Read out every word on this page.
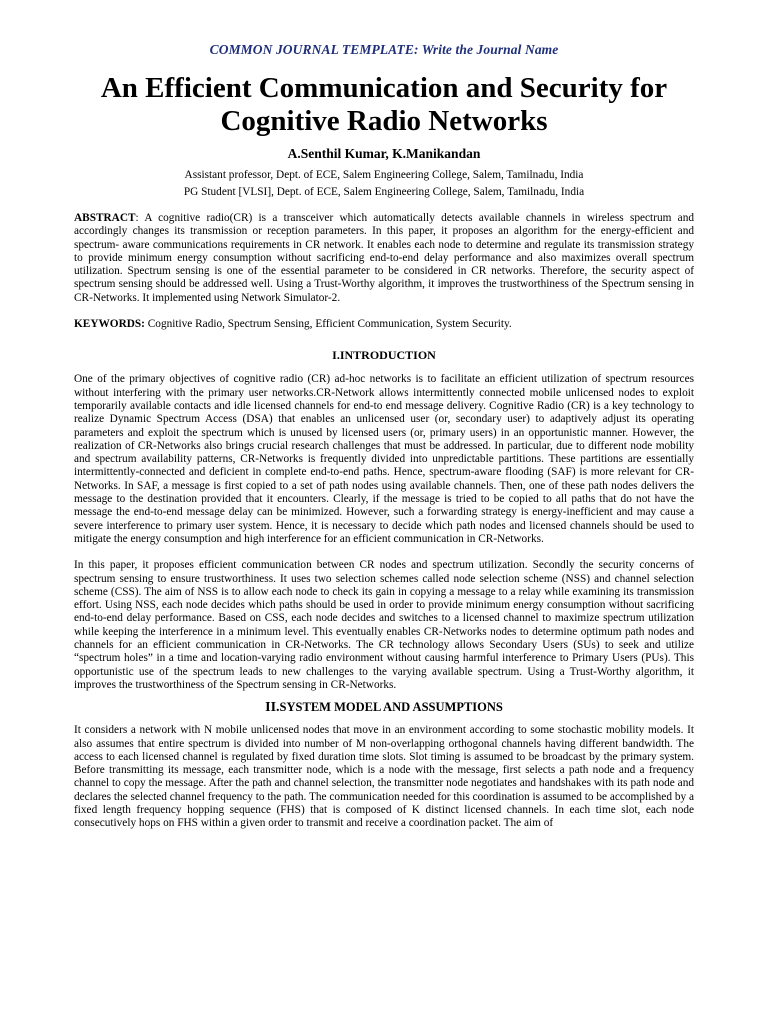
COMMON JOURNAL TEMPLATE: Write the Journal Name
An Efficient Communication and Security for
Cognitive Radio Networks
A.Senthil Kumar, K.Manikandan
Assistant professor, Dept. of ECE, Salem Engineering College, Salem, Tamilnadu, India
PG Student [VLSI], Dept. of ECE, Salem Engineering College, Salem, Tamilnadu, India

ABSTRACT: A cognitive radio(CR) is a transceiver which automatically detects available channels in wireless spectrum and accordingly changes its transmission or reception parameters. In this paper, it proposes an algorithm for the energy-efficient and spectrum- aware communications requirements in CR network. It enables each node to determine and regulate its transmission strategy to provide minimum energy consumption without sacrificing end-to-end delay performance and also maximizes overall spectrum utilization. Spectrum sensing is one of the essential parameter to be considered in CR networks. Therefore, the security aspect of spectrum sensing should be addressed well. Using a Trust-Worthy algorithm, it improves the trustworthiness of the Spectrum sensing in CR-Networks. It implemented using Network Simulator-2.

KEYWORDS: Cognitive Radio, Spectrum Sensing, Efficient Communication, System Security.

I.INTRODUCTION

One of the primary objectives of cognitive radio (CR) ad-hoc networks is to facilitate an efficient utilization of spectrum resources without interfering with the primary user networks.CR-Network allows intermittently connected mobile unlicensed nodes to exploit temporarily available contacts and idle licensed channels for end-to end message delivery. Cognitive Radio (CR) is a key technology to realize Dynamic Spectrum Access (DSA) that enables an unlicensed user (or, secondary user) to adaptively adjust its operating parameters and exploit the spectrum which is unused by licensed users (or, primary users) in an opportunistic manner. However, the realization of CR-Networks also brings crucial research challenges that must be addressed. In particular, due to different node mobility and spectrum availability patterns, CR-Networks is frequently divided into unpredictable partitions. These partitions are essentially intermittently-connected and deficient in complete end-to-end paths. Hence, spectrum-aware flooding (SAF) is more relevant for CR-Networks. In SAF, a message is first copied to a set of path nodes using available channels. Then, one of these path nodes delivers the message to the destination provided that it encounters. Clearly, if the message is tried to be copied to all paths that do not have the message the end-to-end message delay can be minimized. However, such a forwarding strategy is energy-inefficient and may cause a severe interference to primary user system. Hence, it is necessary to decide which path nodes and licensed channels should be used to mitigate the energy consumption and high interference for an efficient communication in CR-Networks.

In this paper, it proposes efficient communication between CR nodes and spectrum utilization. Secondly the security concerns of spectrum sensing to ensure trustworthiness. It uses two selection schemes called node selection scheme (NSS) and channel selection scheme (CSS). The aim of NSS is to allow each node to check its gain in copying a message to a relay while examining its transmission effort. Using NSS, each node decides which paths should be used in order to provide minimum energy consumption without sacrificing end-to-end delay performance. Based on CSS, each node decides and switches to a licensed channel to maximize spectrum utilization while keeping the interference in a minimum level. This eventually enables CR-Networks nodes to determine optimum path nodes and channels for an efficient communication in CR-Networks. The CR technology allows Secondary Users (SUs) to seek and utilize “spectrum holes” in a time and location-varying radio environment without causing harmful interference to Primary Users (PUs). This opportunistic use of the spectrum leads to new challenges to the varying available spectrum. Using a Trust-Worthy algorithm, it improves the trustworthiness of the Spectrum sensing in CR-Networks.

II.SYSTEM MODEL AND ASSUMPTIONS

It considers a network with N mobile unlicensed nodes that move in an environment according to some stochastic mobility models. It also assumes that entire spectrum is divided into number of M non-overlapping orthogonal channels having different bandwidth. The access to each licensed channel is regulated by fixed duration time slots. Slot timing is assumed to be broadcast by the primary system. Before transmitting its message, each transmitter node, which is a node with the message, first selects a path node and a frequency channel to copy the message. After the path and channel selection, the transmitter node negotiates and handshakes with its path node and declares the selected channel frequency to the path. The communication needed for this coordination is assumed to be accomplished by a fixed length frequency hopping sequence (FHS) that is composed of K distinct licensed channels. In each time slot, each node consecutively hops on FHS within a given order to transmit and receive a coordination packet. The aim of
